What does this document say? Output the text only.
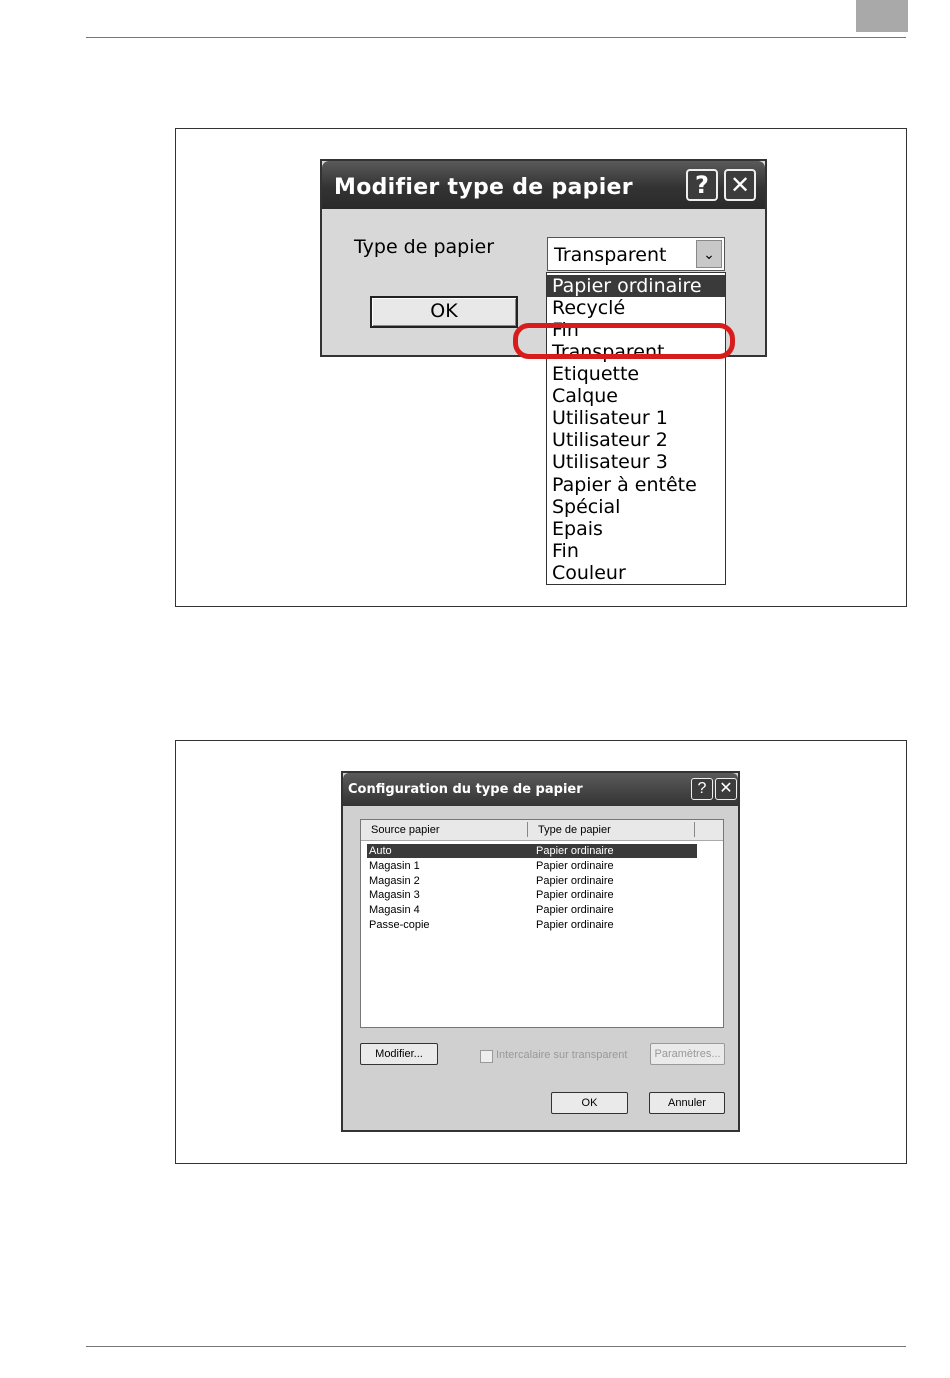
Modifier type de papier	? ✕
Type de papier
OK
Transparent	⌄
Papier ordinaire
Recyclé
Fin
Transparent
Etiquette
Calque
Utilisateur 1
Utilisateur 2
Utilisateur 3
Papier à entête
Spécial
Epais
Fin
Couleur
Configuration du type de papier	? ✕
Source papier	Type de papier
Auto	Papier ordinaire
Magasin 1	Papier ordinaire
Magasin 2	Papier ordinaire
Magasin 3	Papier ordinaire
Magasin 4	Papier ordinaire
Passe-copie	Papier ordinaire
Modifier...	Intercalaire sur transparent	Paramètres...
OK	Annuler
